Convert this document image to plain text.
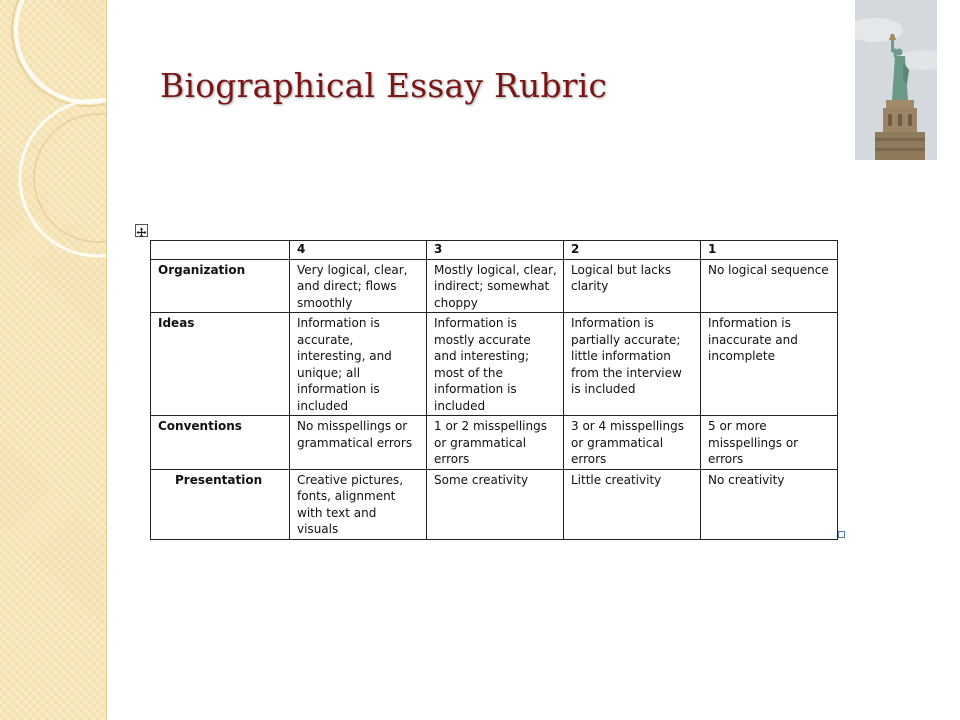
Biographical Essay Rubric
	4	3	2	1
Organization	Very logical, clear, and direct; flows smoothly	Mostly logical, clear, indirect; somewhat choppy	Logical but lacks clarity	No logical sequence
Ideas	Information is accurate, interesting, and unique; all information is included	Information is mostly accurate and interesting; most of the information is included	Information is partially accurate; little information from the interview is included	Information is inaccurate and incomplete
Conventions	No misspellings or grammatical errors	1 or 2 misspellings or grammatical errors	3 or 4 misspellings or grammatical errors	5 or more misspellings or errors
Presentation	Creative pictures, fonts, alignment with text and visuals	Some creativity	Little creativity	No creativity
